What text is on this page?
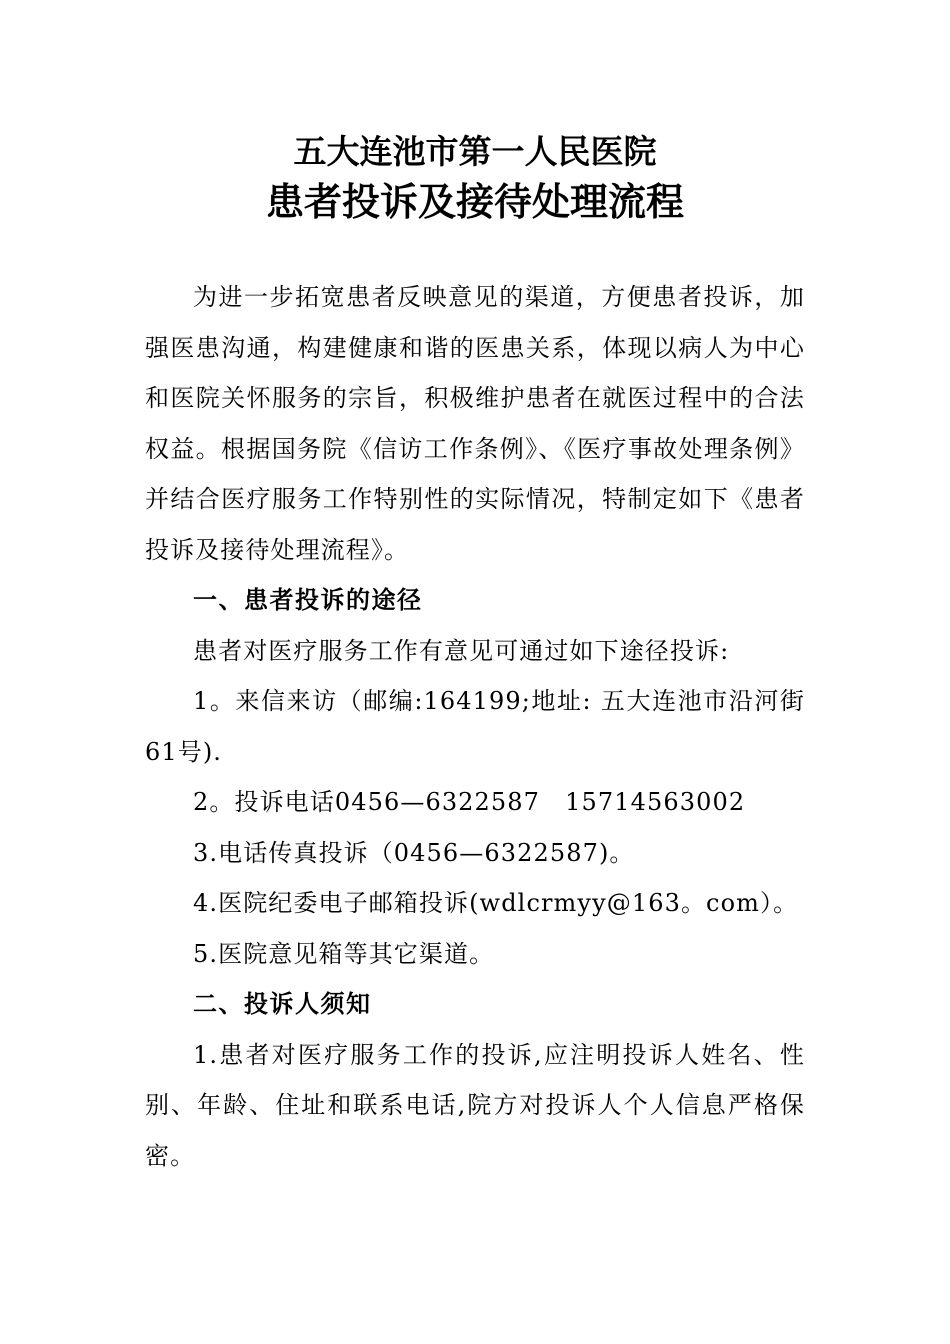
五大连池市第一人民医院
患者投诉及接待处理流程

为进一步拓宽患者反映意见的渠道，方便患者投诉，加强医患沟通，构建健康和谐的医患关系，体现以病人为中心和医院关怀服务的宗旨，积极维护患者在就医过程中的合法权益。根据国务院《信访工作条例》、《医疗事故处理条例》并结合医疗服务工作特别性的实际情况，特制定如下《患者投诉及接待处理流程》。

一、患者投诉的途径

患者对医疗服务工作有意见可通过如下途径投诉:

1。来信来访（邮编:164199;地址: 五大连池市沿河街61号).

2。投诉电话0456—6322587　15714563002

3.电话传真投诉（0456—6322587)。

4.医院纪委电子邮箱投诉(wdlcrmyy@163。com）。

5.医院意见箱等其它渠道。

二、投诉人须知

1.患者对医疗服务工作的投诉,应注明投诉人姓名、性别、年龄、住址和联系电话,院方对投诉人个人信息严格保密。
